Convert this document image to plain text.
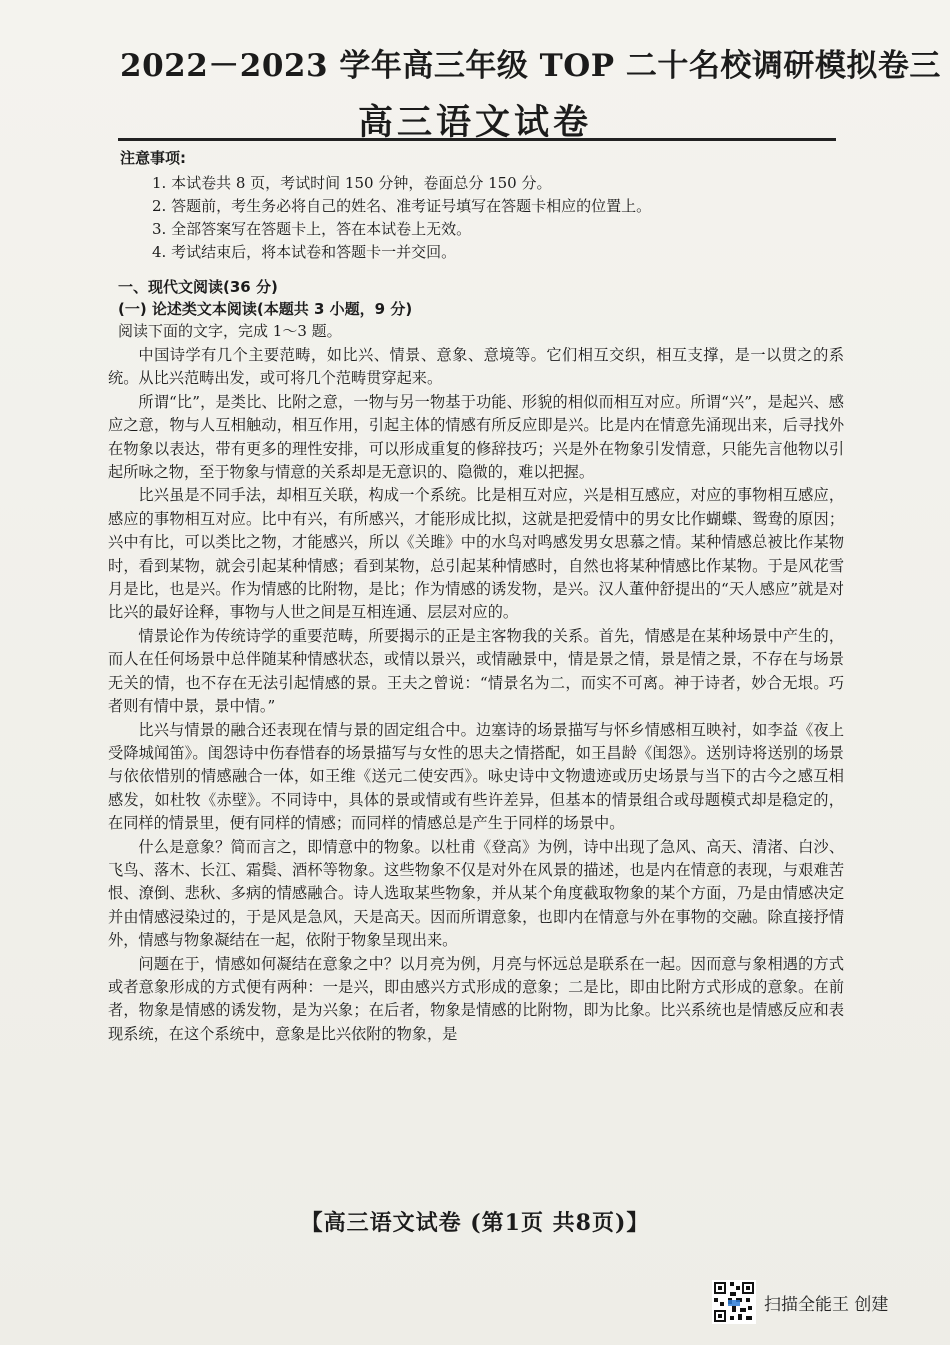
2022－2023 学年高三年级 TOP 二十名校调研模拟卷三
高三语文试卷
注意事项:
1. 本试卷共 8 页，考试时间 150 分钟，卷面总分 150 分。
2. 答题前，考生务必将自己的姓名、准考证号填写在答题卡相应的位置上。
3. 全部答案写在答题卡上，答在本试卷上无效。
4. 考试结束后，将本试卷和答题卡一并交回。
一、现代文阅读(36 分)
(一) 论述类文本阅读(本题共 3 小题，9 分)
阅读下面的文字，完成 1～3 题。

中国诗学有几个主要范畴，如比兴、情景、意象、意境等。它们相互交织，相互支撑，是一以贯之的系统。从比兴范畴出发，或可将几个范畴贯穿起来。

所谓“比”，是类比、比附之意，一物与另一物基于功能、形貌的相似而相互对应。所谓“兴”，是起兴、感应之意，物与人互相触动，相互作用，引起主体的情感有所反应即是兴。比是内在情意先涌现出来，后寻找外在物象以表达，带有更多的理性安排，可以形成重复的修辞技巧；兴是外在物象引发情意，只能先言他物以引起所咏之物，至于物象与情意的关系却是无意识的、隐微的，难以把握。

比兴虽是不同手法，却相互关联，构成一个系统。比是相互对应，兴是相互感应，对应的事物相互感应，感应的事物相互对应。比中有兴，有所感兴，才能形成比拟，这就是把爱情中的男女比作蝴蝶、鸳鸯的原因；兴中有比，可以类比之物，才能感兴，所以《关雎》中的水鸟对鸣感发男女思慕之情。某种情感总被比作某物时，看到某物，就会引起某种情感；看到某物，总引起某种情感时，自然也将某种情感比作某物。于是风花雪月是比，也是兴。作为情感的比附物，是比；作为情感的诱发物，是兴。汉人董仲舒提出的“天人感应”就是对比兴的最好诠释，事物与人世之间是互相连通、层层对应的。

情景论作为传统诗学的重要范畴，所要揭示的正是主客物我的关系。首先，情感是在某种场景中产生的，而人在任何场景中总伴随某种情感状态，或情以景兴，或情融景中，情是景之情，景是情之景，不存在与场景无关的情，也不存在无法引起情感的景。王夫之曾说：“情景名为二，而实不可离。神于诗者，妙合无垠。巧者则有情中景，景中情。”

比兴与情景的融合还表现在情与景的固定组合中。边塞诗的场景描写与怀乡情感相互映衬，如李益《夜上受降城闻笛》。闺怨诗中伤春惜春的场景描写与女性的思夫之情搭配，如王昌龄《闺怨》。送别诗将送别的场景与依依惜别的情感融合一体，如王维《送元二使安西》。咏史诗中文物遗迹或历史场景与当下的古今之感互相感发，如杜牧《赤壁》。不同诗中，具体的景或情或有些许差异，但基本的情景组合或母题模式却是稳定的，在同样的情景里，便有同样的情感；而同样的情感总是产生于同样的场景中。

什么是意象？简而言之，即情意中的物象。以杜甫《登高》为例，诗中出现了急风、高天、清渚、白沙、飞鸟、落木、长江、霜鬓、酒杯等物象。这些物象不仅是对外在风景的描述，也是内在情意的表现，与艰难苦恨、潦倒、悲秋、多病的情感融合。诗人选取某些物象，并从某个角度截取物象的某个方面，乃是由情感决定并由情感浸染过的，于是风是急风，天是高天。因而所谓意象，也即内在情意与外在事物的交融。除直接抒情外，情感与物象凝结在一起，依附于物象呈现出来。

问题在于，情感如何凝结在意象之中？以月亮为例，月亮与怀远总是联系在一起。因而意与象相遇的方式或者意象形成的方式便有两种：一是兴，即由感兴方式形成的意象；二是比，即由比附方式形成的意象。在前者，物象是情感的诱发物，是为兴象；在后者，物象是情感的比附物，即为比象。比兴系统也是情感反应和表现系统，在这个系统中，意象是比兴依附的物象，是

【高三语文试卷 (第1页 共8页)】
扫描全能王 创建
